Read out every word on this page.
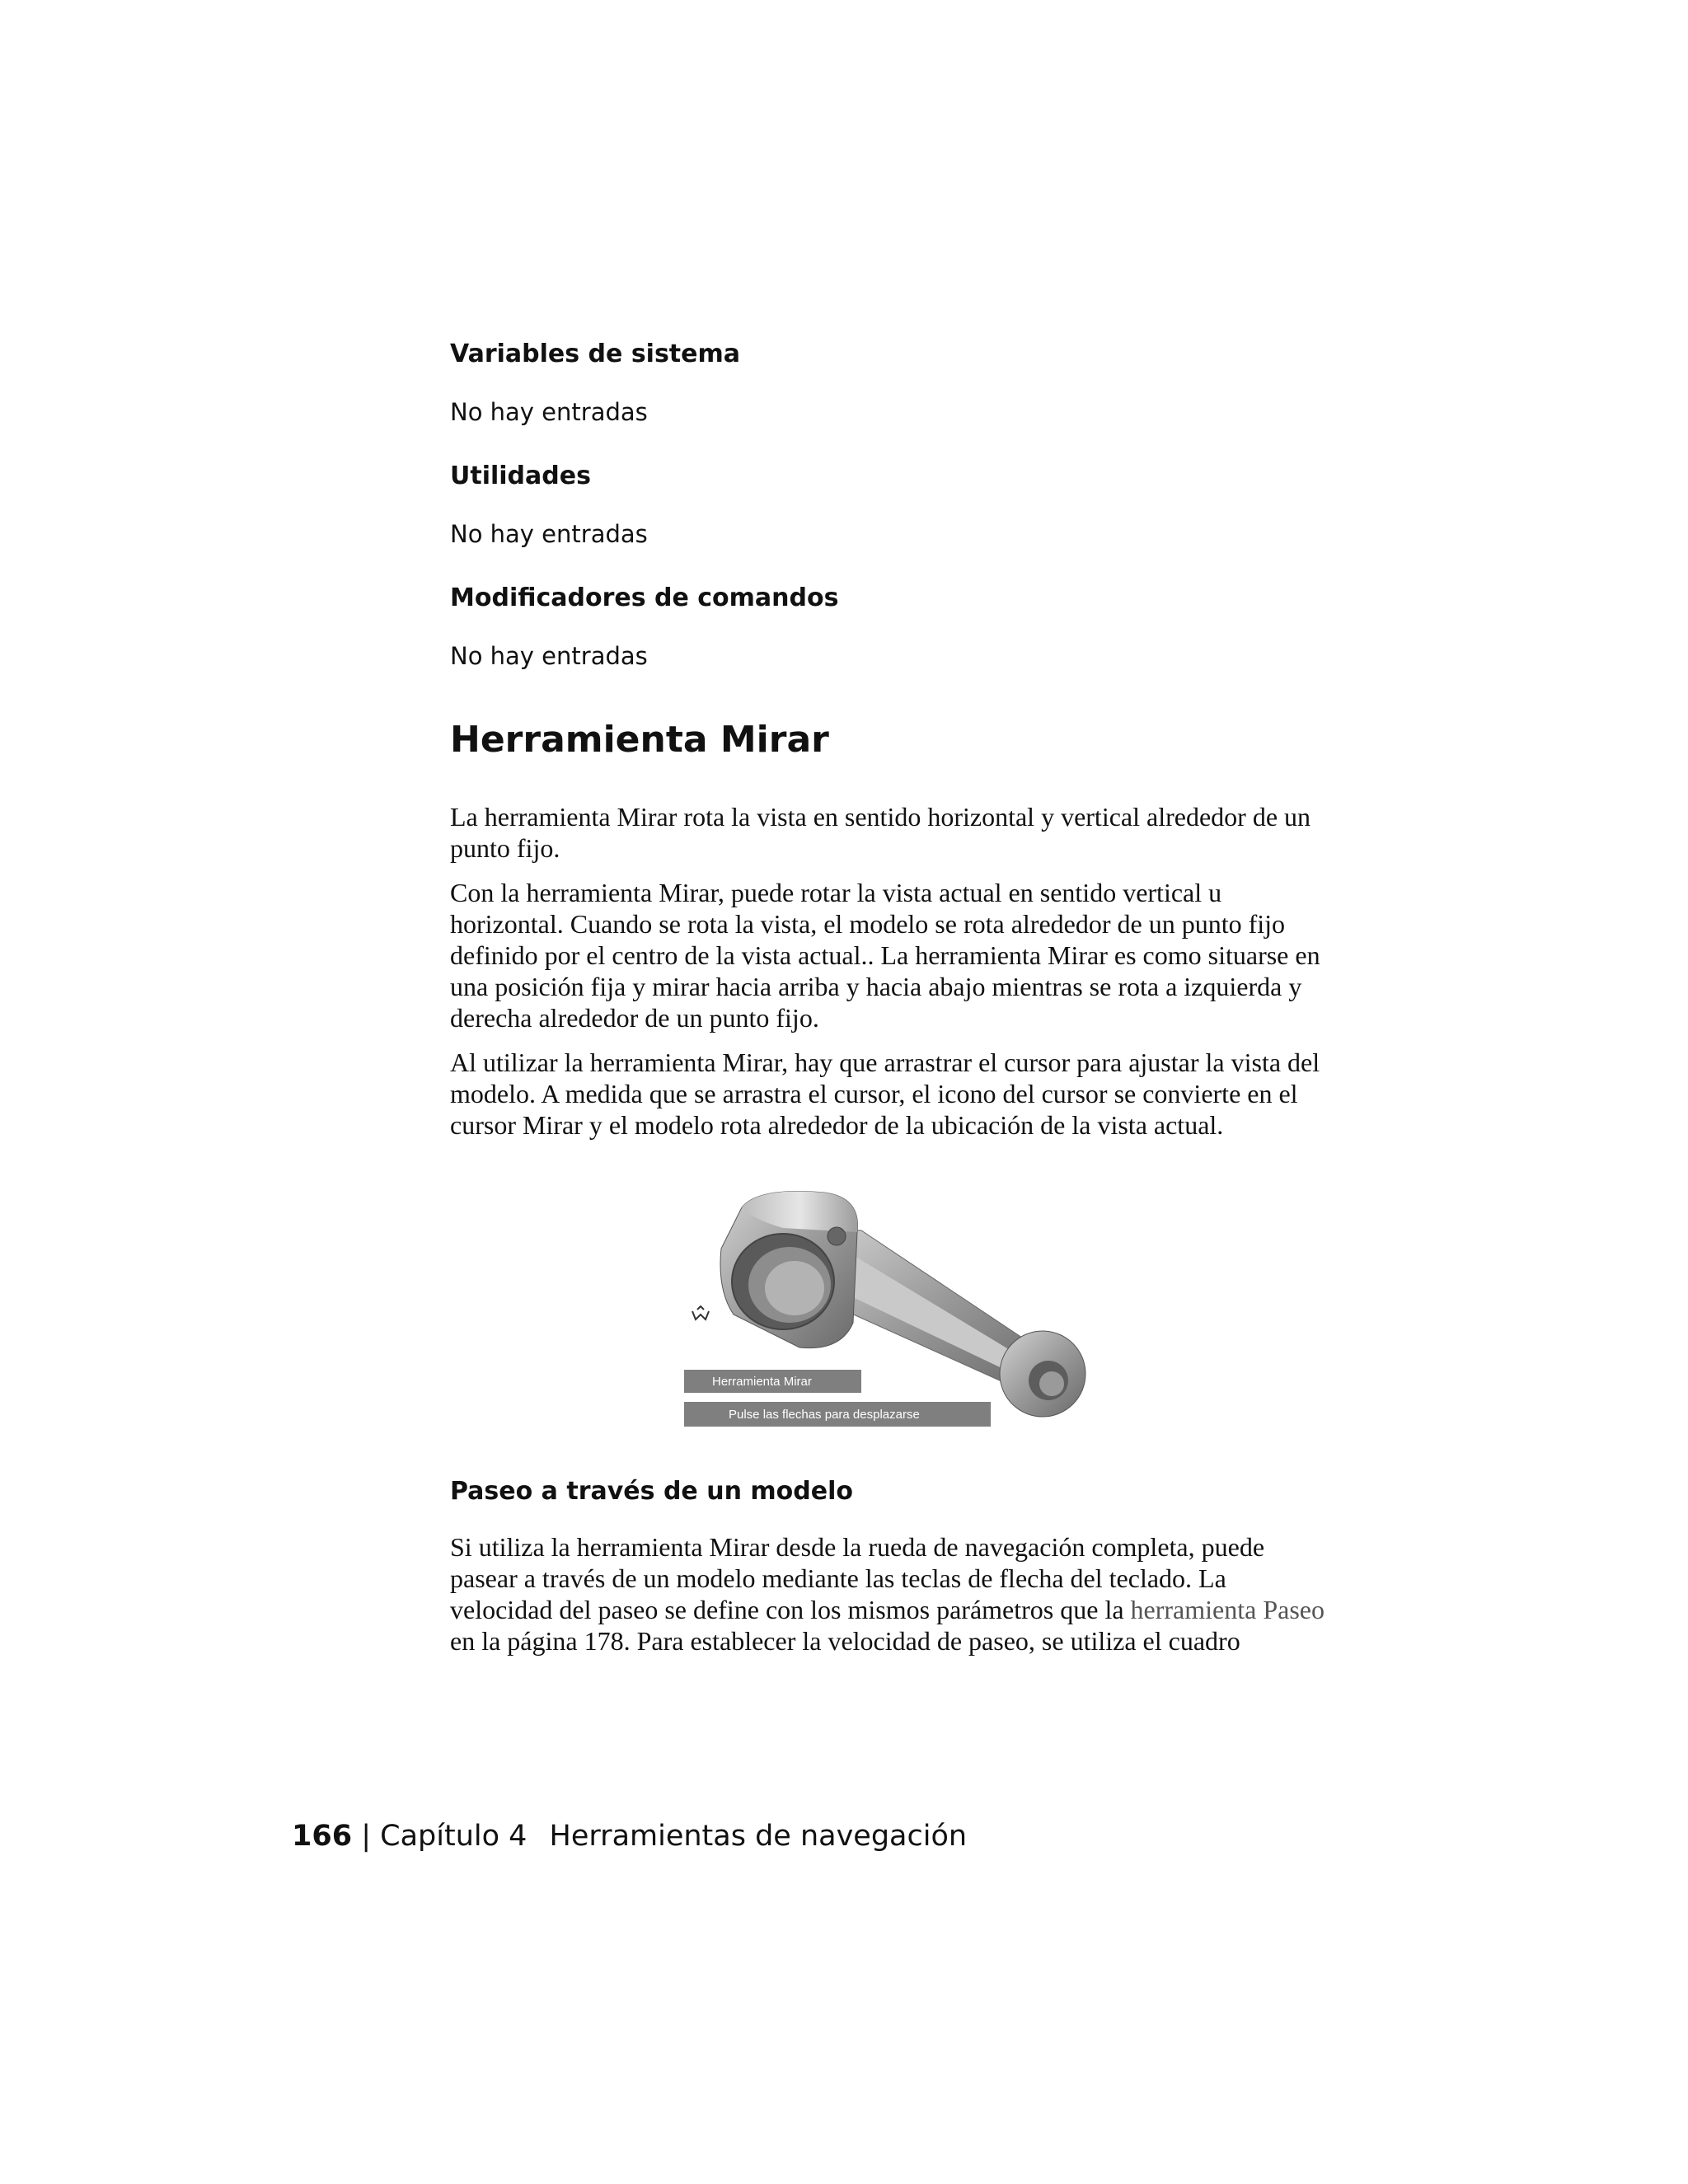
Variables de sistema

No hay entradas

Utilidades

No hay entradas

Modificadores de comandos

No hay entradas

Herramienta Mirar

La herramienta Mirar rota la vista en sentido horizontal y vertical alrededor de un punto fijo.

Con la herramienta Mirar, puede rotar la vista actual en sentido vertical u horizontal. Cuando se rota la vista, el modelo se rota alrededor de un punto fijo definido por el centro de la vista actual.. La herramienta Mirar es como situarse en una posición fija y mirar hacia arriba y hacia abajo mientras se rota a izquierda y derecha alrededor de un punto fijo.

Al utilizar la herramienta Mirar, hay que arrastrar el cursor para ajustar la vista del modelo. A medida que se arrastra el cursor, el icono del cursor se convierte en el cursor Mirar y el modelo rota alrededor de la ubicación de la vista actual.

Herramienta Mirar
Pulse las flechas para desplazarse
Paseo a través de un modelo

Si utiliza la herramienta Mirar desde la rueda de navegación completa, puede pasear a través de un modelo mediante las teclas de flecha del teclado. La velocidad del paseo se define con los mismos parámetros que la herramienta Paseo en la página 178. Para establecer la velocidad de paseo, se utiliza el cuadro

166 | Capítulo 4 Herramientas de navegación
